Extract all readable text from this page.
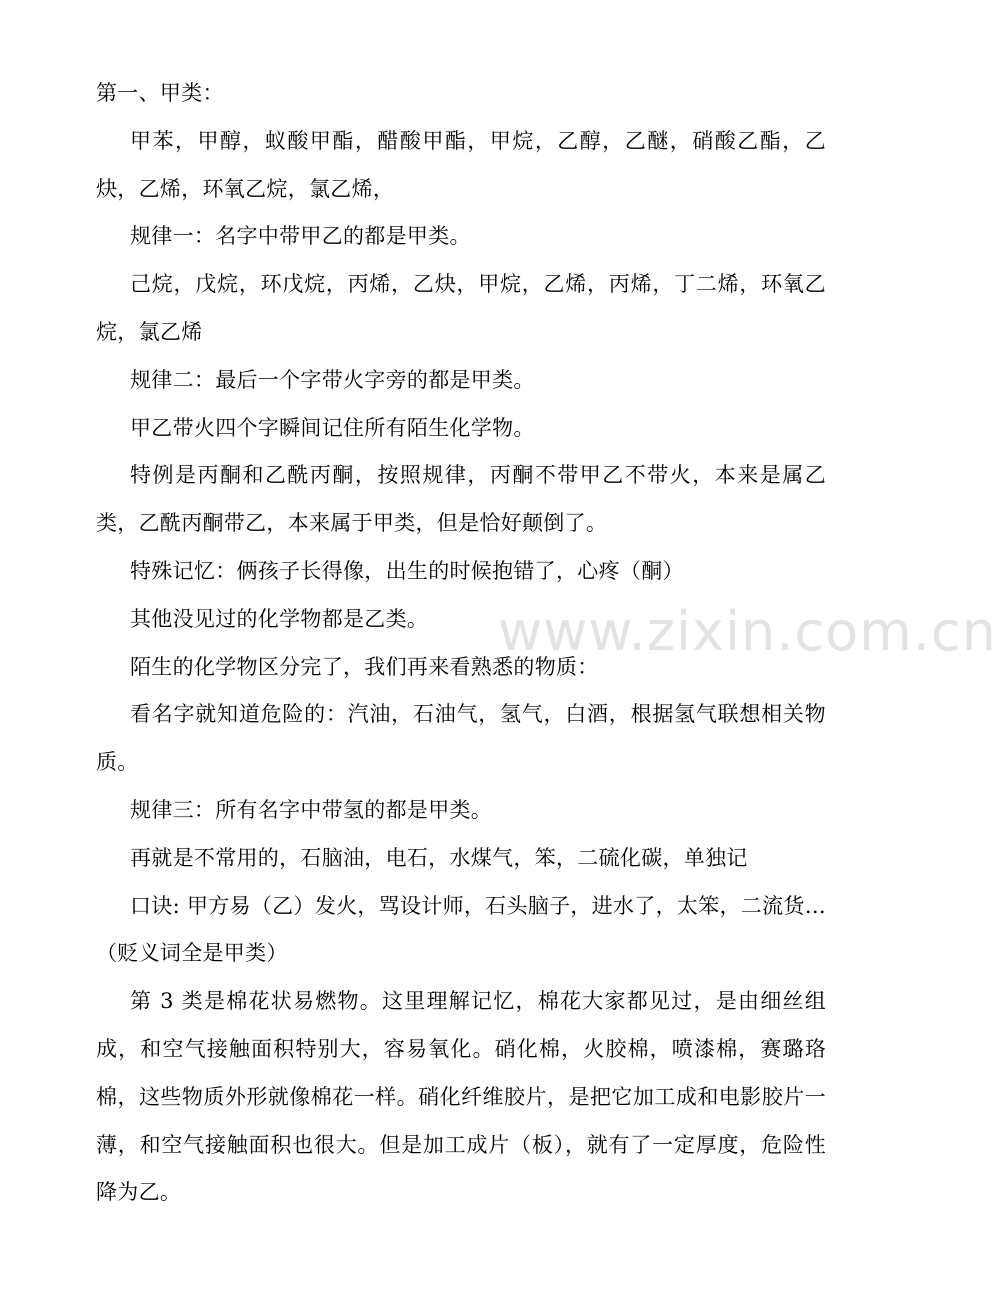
第一、甲类：

甲苯，甲醇，蚁酸甲酯，醋酸甲酯，甲烷，乙醇，乙醚，硝酸乙酯，乙炔，乙烯，环氧乙烷，氯乙烯，

规律一：名字中带甲乙的都是甲类。

己烷，戊烷，环戊烷，丙烯，乙炔，甲烷，乙烯，丙烯，丁二烯，环氧乙烷，氯乙烯

规律二：最后一个字带火字旁的都是甲类。

甲乙带火四个字瞬间记住所有陌生化学物。

特例是丙酮和乙酰丙酮，按照规律，丙酮不带甲乙不带火，本来是属乙类，乙酰丙酮带乙，本来属于甲类，但是恰好颠倒了。

特殊记忆：俩孩子长得像，出生的时候抱错了，心疼（酮）

其他没见过的化学物都是乙类。

陌生的化学物区分完了，我们再来看熟悉的物质：

看名字就知道危险的：汽油，石油气，氢气，白酒，根据氢气联想相关物质。

规律三：所有名字中带氢的都是甲类。

再就是不常用的，石脑油，电石，水煤气，笨，二硫化碳，单独记

口诀: 甲方易（乙）发火，骂设计师，石头脑子，进水了，太笨，二流货…（贬义词全是甲类）

第 3 类是棉花状易燃物。这里理解记忆，棉花大家都见过，是由细丝组成，和空气接触面积特别大，容易氧化。硝化棉，火胶棉，喷漆棉，赛璐珞棉，这些物质外形就像棉花一样。硝化纤维胶片，是把它加工成和电影胶片一薄，和空气接触面积也很大。但是加工成片（板），就有了一定厚度，危险性降为乙。

www.zixin.com.cn
